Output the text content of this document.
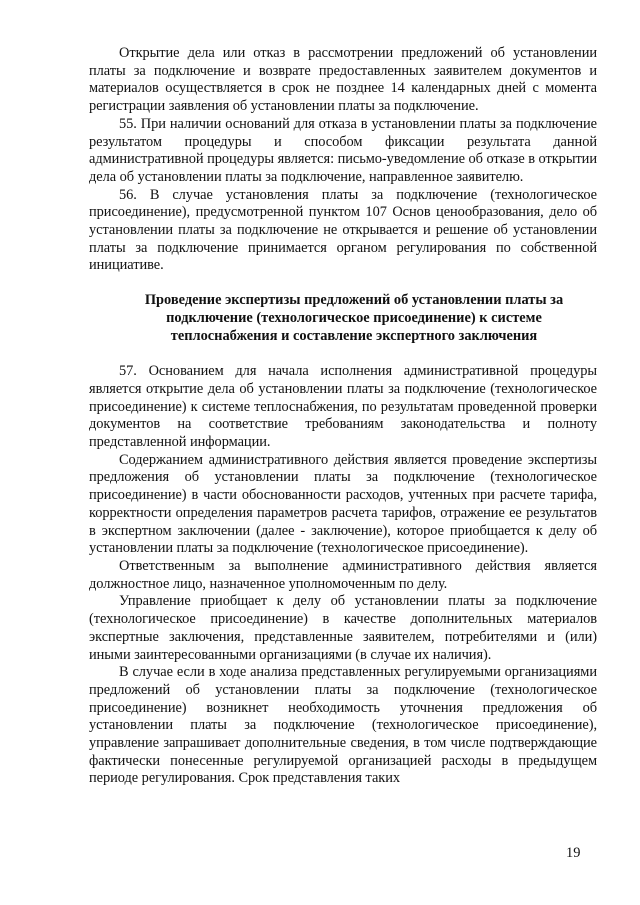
Открытие дела или отказ в рассмотрении предложений об установлении платы за подключение и возврате предоставленных заявителем документов и материалов осуществляется в срок не позднее 14 календарных дней с момента регистрации заявления об установлении платы за подключение.

55. При наличии оснований для отказа в установлении платы за подключение результатом процедуры и способом фиксации результата данной административной процедуры является: письмо-уведомление об отказе в открытии дела об установлении платы за подключение, направленное заявителю.

56. В случае установления платы за подключение (технологическое присоединение), предусмотренной пунктом 107 Основ ценообразования, дело об установлении платы за подключение не открывается и решение об установлении платы за подключение принимается органом регулирования по собственной инициативе.

Проведение экспертизы предложений об установлении платы за подключение (технологическое присоединение) к системе теплоснабжения и составление экспертного заключения

57. Основанием для начала исполнения административной процедуры является открытие дела об установлении платы за подключение (технологическое присоединение) к системе теплоснабжения, по результатам проведенной проверки документов на соответствие требованиям законодательства и полноту представленной информации.

Содержанием административного действия является проведение экспертизы предложения об установлении платы за подключение (технологическое присоединение) в части обоснованности расходов, учтенных при расчете тарифа, корректности определения параметров расчета тарифов, отражение ее результатов в экспертном заключении (далее - заключение), которое приобщается к делу об установлении платы за подключение (технологическое присоединение).

Ответственным за выполнение административного действия является должностное лицо, назначенное уполномоченным по делу.

Управление приобщает к делу об установлении платы за подключение (технологическое присоединение) в качестве дополнительных материалов экспертные заключения, представленные заявителем, потребителями и (или) иными заинтересованными организациями (в случае их наличия).

В случае если в ходе анализа представленных регулируемыми организациями предложений об установлении платы за подключение (технологическое присоединение) возникнет необходимость уточнения предложения об установлении платы за подключение (технологическое присоединение), управление запрашивает дополнительные сведения, в том числе подтверждающие фактически понесенные регулируемой организацией расходы в предыдущем периоде регулирования. Срок представления таких

19
